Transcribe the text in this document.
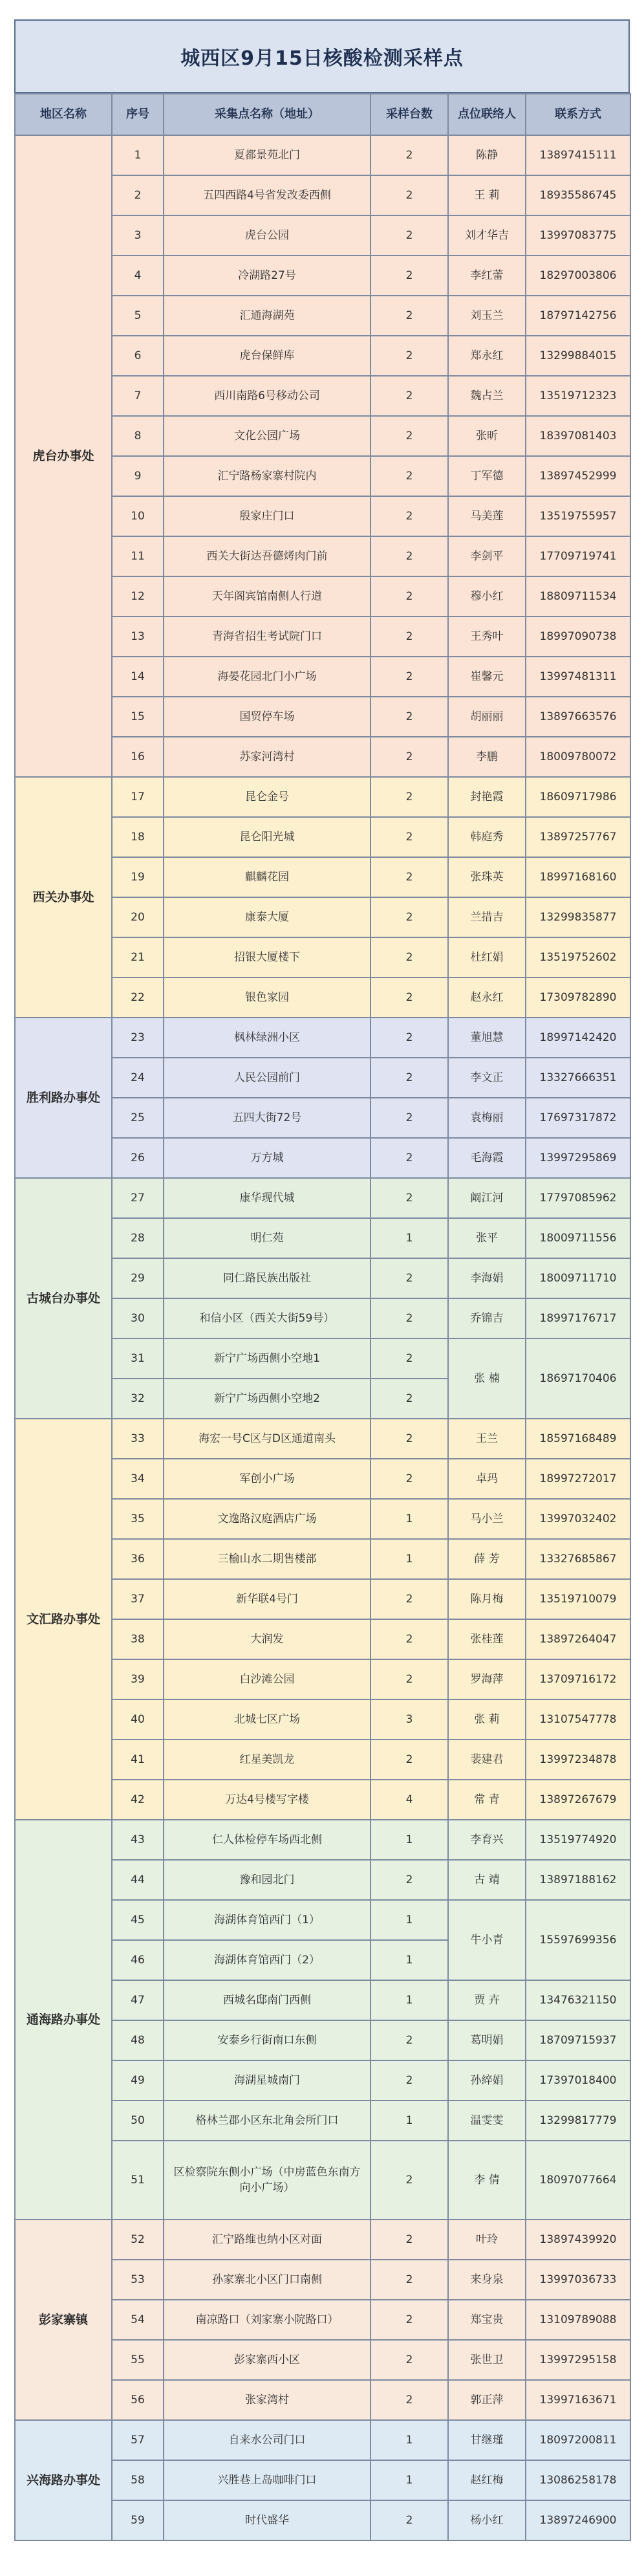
城西区9月15日核酸检测采样点
地区名称	序号	采集点名称（地址）	采样台数	点位联络人	联系方式
虎台办事处	1	夏都景苑北门	2	陈静	13897415111
	2	五四西路4号省发改委西侧	2	王 莉	18935586745
	3	虎台公园	2	刘才华吉	13997083775
	4	冷湖路27号	2	李红蕾	18297003806
	5	汇通海湖苑	2	刘玉兰	18797142756
	6	虎台保鲜库	2	郑永红	13299884015
	7	西川南路6号移动公司	2	魏占兰	13519712323
	8	文化公园广场	2	张昕	18397081403
	9	汇宁路杨家寨村院内	2	丁军德	13897452999
	10	殷家庄门口	2	马美莲	13519755957
	11	西关大街达吾德烤肉门前	2	李剑平	17709719741
	12	天年阁宾馆南侧人行道	2	穆小红	18809711534
	13	青海省招生考试院门口	2	王秀叶	18997090738
	14	海晏花园北门小广场	2	崔馨元	13997481311
	15	国贸停车场	2	胡丽丽	13897663576
	16	苏家河湾村	2	李鹏	18009780072
西关办事处	17	昆仑金号	2	封艳霞	18609717986
	18	昆仑阳光城	2	韩庭秀	13897257767
	19	麒麟花园	2	张珠英	18997168160
	20	康泰大厦	2	兰措吉	13299835877
	21	招银大厦楼下	2	杜红娟	13519752602
	22	银色家园	2	赵永红	17309782890
胜利路办事处	23	枫林绿洲小区	2	董旭慧	18997142420
	24	人民公园前门	2	李文正	13327666351
	25	五四大街72号	2	袁梅丽	17697317872
	26	万方城	2	毛海霞	13997295869
古城台办事处	27	康华现代城	2	阚江河	17797085962
	28	明仁苑	1	张平	18009711556
	29	同仁路民族出版社	2	李海娟	18009711710
	30	和信小区（西关大街59号）	2	乔锦吉	18997176717
	31	新宁广场西侧小空地1	2	张 楠	18697170406
	32	新宁广场西侧小空地2	2		
文汇路办事处	33	海宏一号C区与D区通道南头	2	王兰	18597168489
	34	军创小广场	2	卓玛	18997272017
	35	文逸路汉庭酒店广场	1	马小兰	13997032402
	36	三榆山水二期售楼部	1	薛 芳	13327685867
	37	新华联4号门	2	陈月梅	13519710079
	38	大润发	2	张桂莲	13897264047
	39	白沙滩公园	2	罗海萍	13709716172
	40	北城七区广场	3	张 莉	13107547778
	41	红星美凯龙	2	裴建君	13997234878
	42	万达4号楼写字楼	4	常 青	13897267679
通海路办事处	43	仁人体检停车场西北侧	1	李育兴	13519774920
	44	豫和园北门	2	古 靖	13897188162
	45	海湖体育馆西门（1）	1	牛小青	15597699356
	46	海湖体育馆西门（2）	1		
	47	西城名邸南门西侧	1	贾 卉	13476321150
	48	安泰乡行街南口东侧	2	葛明娟	18709715937
	49	海湖星城南门	2	孙綷娟	17397018400
	50	格林兰郡小区东北角会所门口	1	温雯雯	13299817779
	51	区检察院东侧小广场（中房蓝色东南方向小广场）	2	李 倩	18097077664
彭家寨镇	52	汇宁路维也纳小区对面	2	叶玲	13897439920
	53	孙家寨北小区门口南侧	2	来身泉	13997036733
	54	南凉路口（刘家寨小院路口）	2	郑宝贵	13109789088
	55	彭家寨西小区	2	张世卫	13997295158
	56	张家湾村	2	郭正萍	13997163671
兴海路办事处	57	自来水公司门口	1	甘继瑾	18097200811
	58	兴胜巷上岛咖啡门口	1	赵红梅	13086258178
	59	时代盛华	2	杨小红	13897246900
